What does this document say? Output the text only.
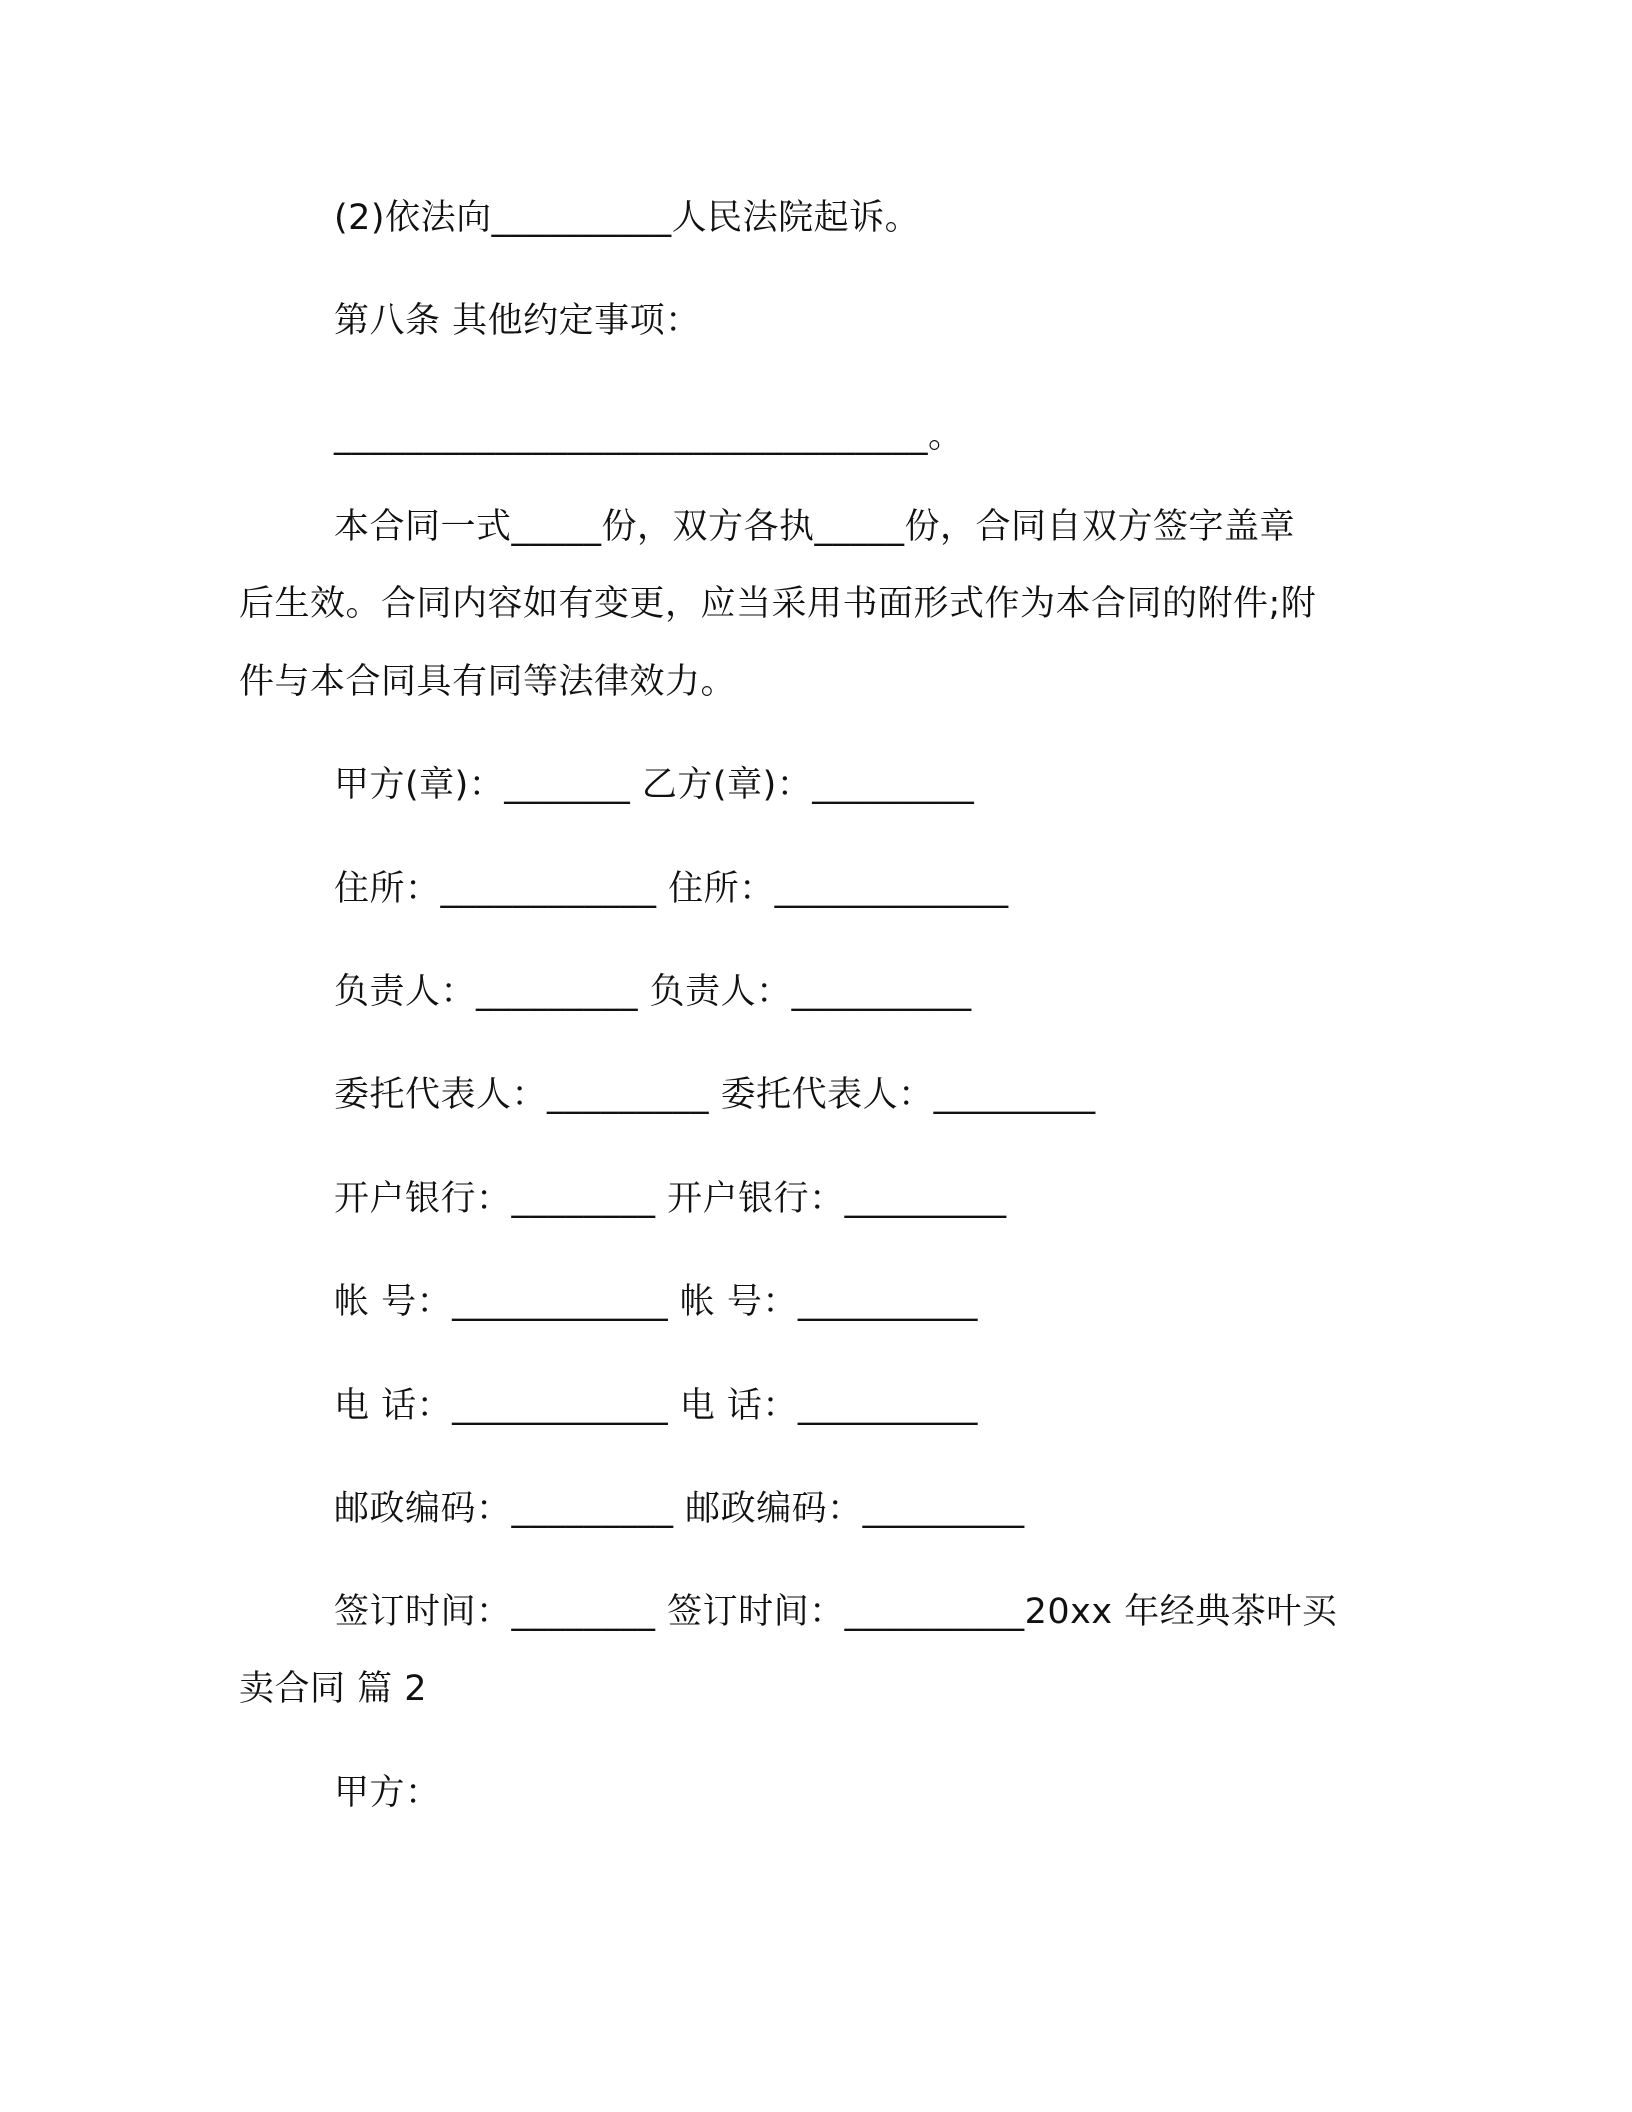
(2)依法向__________人民法院起诉。
第八条 其他约定事项：
_________________________________。
本合同一式_____份，双方各执_____份，合同自双方签字盖章
后生效。合同内容如有变更，应当采用书面形式作为本合同的附件;附
件与本合同具有同等法律效力。
甲方(章)：_______ 乙方(章)：_________
住所：____________ 住所：_____________
负责人：_________ 负责人：__________
委托代表人：_________ 委托代表人：_________
开户银行：________ 开户银行：_________
帐 号：____________ 帐 号：__________
电 话：____________ 电 话：__________
邮政编码：_________ 邮政编码：_________
签订时间：________ 签订时间：__________20xx 年经典茶叶买
卖合同 篇 2
甲方：
